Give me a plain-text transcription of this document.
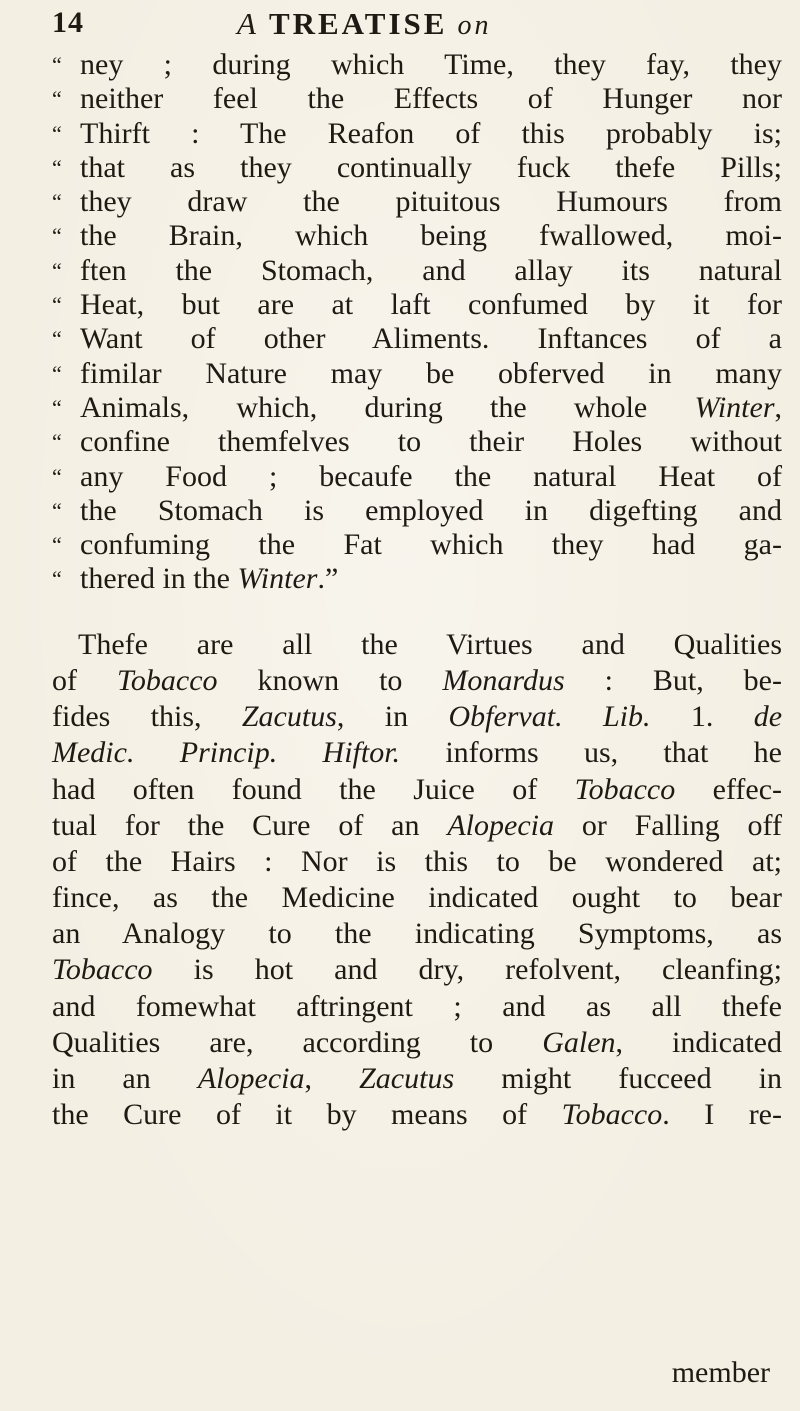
14	A TREATISE on
“ ney ; during which Time, they fay, they
“ neither feel the Effects of Hunger nor
“ Thirft : The Reafon of this probably is;
“ that as they continually fuck thefe Pills;
“ they draw the pituitous Humours from
“ the Brain, which being fwallowed, moi-
“ ften the Stomach, and allay its natural
“ Heat, but are at laft confumed by it for
“ Want of other Aliments. Inftances of a
“ fimilar Nature may be obferved in many
“ Animals, which, during the whole Winter,
“ confine themfelves to their Holes without
“ any Food ; becaufe the natural Heat of
“ the Stomach is employed in digefting and
“ confuming the Fat which they had ga-
“ thered in the Winter.”
Thefe are all the Virtues and Qualities
of Tobacco known to Monardus : But, be-
fides this, Zacutus, in Obfervat. Lib. 1. de
Medic. Princip. Hiftor. informs us, that he
had often found the Juice of Tobacco effec-
tual for the Cure of an Alopecia or Falling off
of the Hairs : Nor is this to be wondered at;
fince, as the Medicine indicated ought to bear
an Analogy to the indicating Symptoms, as
Tobacco is hot and dry, refolvent, cleanfing;
and fomewhat aftringent ; and as all thefe
Qualities are, according to Galen, indicated
in an Alopecia, Zacutus might fucceed in
the Cure of it by means of Tobacco. I re-
member
